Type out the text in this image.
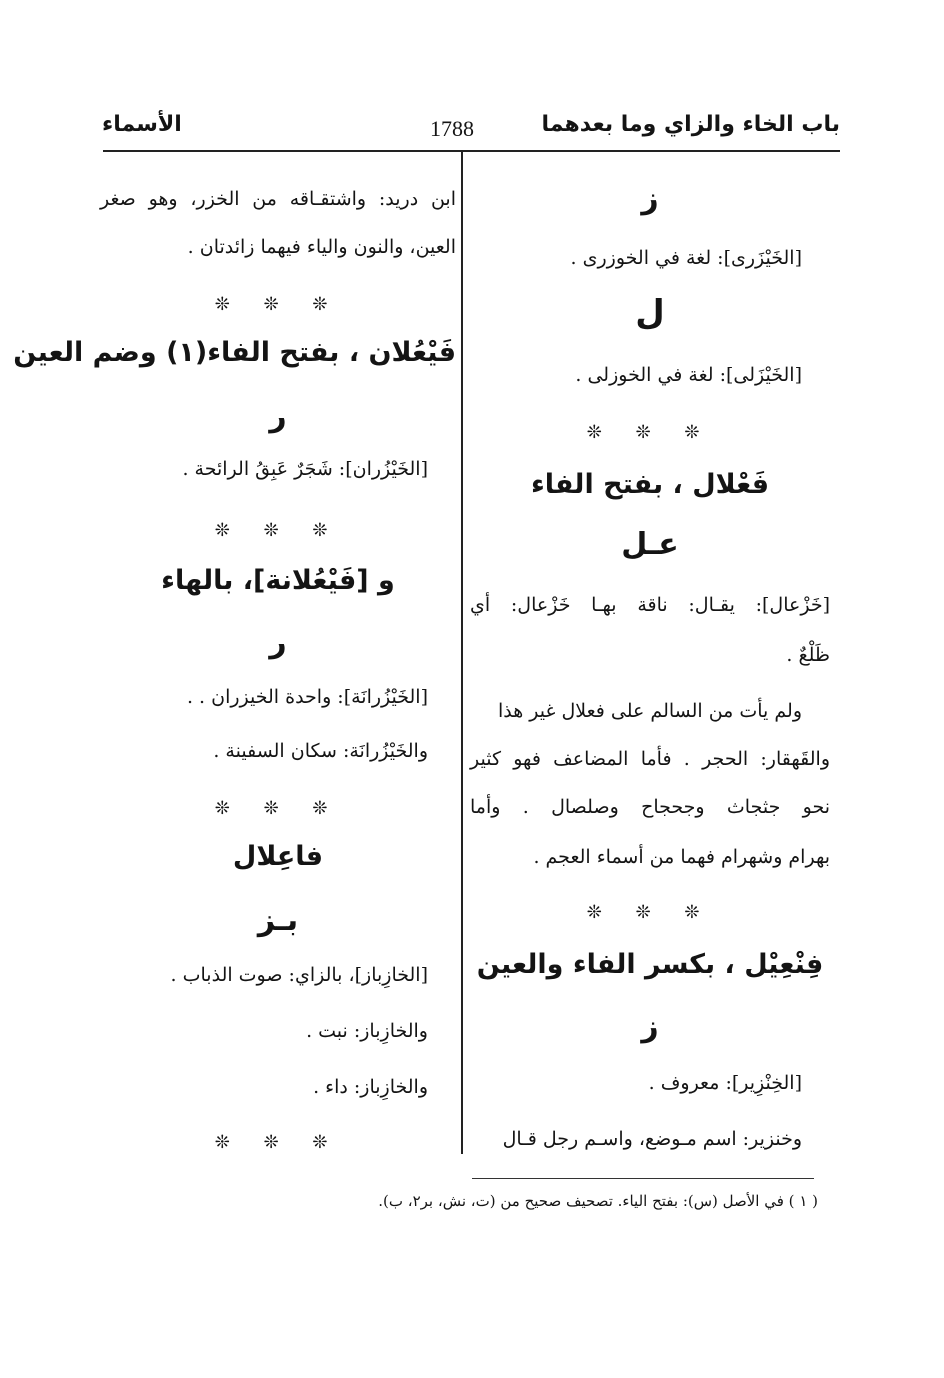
باب الخاء والزاي وما بعدهما
1788
الأسماء
ز
[الخَيْزَرى]: لغة في الخوزرى .
ل
[الخَيْزَلى]: لغة في الخوزلى .
❊ ❊ ❊
فَعْلال ، بفتح الفاء
عـل
[خَزْعال]: يقـال: ناقة بهـا خَزْعال: أي
ظَلْعٌ .
ولم يأت من السالم على فعلال غير هذا
والقَهقار: الحجر . فأما المضاعف فهو كثير
نحو جثجاث وجحجاح وصلصال . وأما
بهرام وشهرام فهما من أسماء العجم .
❊ ❊ ❊
فِنْعِيْل ، بكسر الفاء والعين
ز
[الخِنْزِير]: معروف .
وخنزير: اسم مـوضع، واسـم رجل قـال
ابن دريد: واشتقـاقه من الخزر، وهو صغر
العين، والنون والياء فيهما زائدتان .
❊ ❊ ❊
فَيْعُلان ، بفتح الفاء(١) وضم العين
ر
[الخَيْزُران]: شَجَرٌ عَبِقُ الرائحة .
❊ ❊ ❊
و [فَيْعُلانة]، بالهاء
ر
[الخَيْزُرانَة]: واحدة الخيزران . .
والخَيْزُرانَة: سكان السفينة .
❊ ❊ ❊
فاعِلال
بـز
[الخازِباز]، بالزاي: صوت الذباب .
والخازِباز: نبت .
والخازِباز: داء .
❊ ❊ ❊
( ١ ) في الأصل (س): بفتح الياء. تصحيف صحيح من (ت، نش، بر٢، ب).
